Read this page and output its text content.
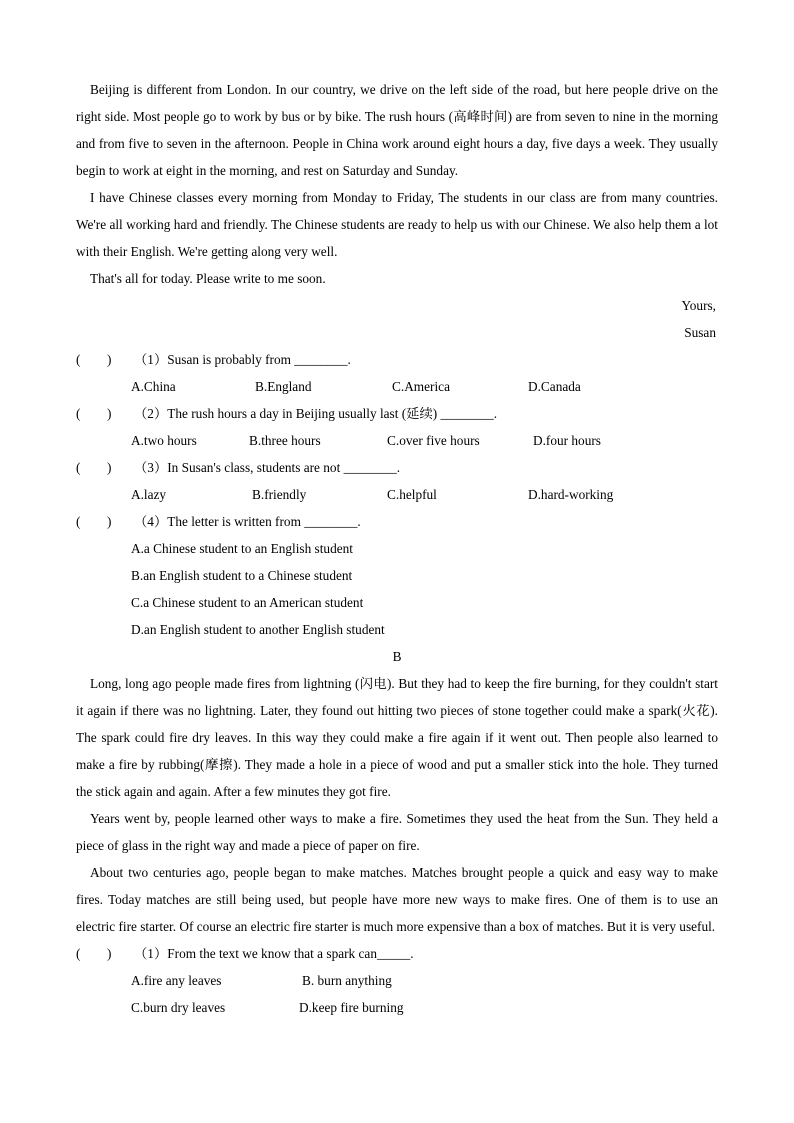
Beijing is different from London. In our country, we drive on the left side of the road, but here people drive on the right side. Most people go to work by bus or by bike. The rush hours (高峰时间) are from seven to nine in the morning and from five to seven in the afternoon. People in China work around eight hours a day, five days a week. They usually begin to work at eight in the morning, and rest on Saturday and Sunday.

I have Chinese classes every morning from Monday to Friday, The students in our class are from many countries. We're all working hard and friendly. The Chinese students are ready to help us with our Chinese. We also help them a lot with their English. We're getting along very well.

That's all for today. Please write to me soon.

Yours,

Susan

(　　) （1）Susan is probably from ________.
A.China	B.England	C.America	D.Canada
(　　) （2）The rush hours a day in Beijing usually last (延续) ________.
A.two hours	B.three hours	C.over five hours	D.four hours
(　　) （3）In Susan's class, students are not ________.
A.lazy	B.friendly	C.helpful	D.hard-working
(　　) （4）The letter is written from ________.
A.a Chinese student to an English student
B.an English student to a Chinese student
C.a Chinese student to an American student
D.an English student to another English student

B

Long, long ago people made fires from lightning (闪电). But they had to keep the fire burning, for they couldn't start it again if there was no lightning. Later, they found out hitting two pieces of stone together could make a spark(火花). The spark could fire dry leaves. In this way they could make a fire again if it went out. Then people also learned to make a fire by rubbing(摩擦). They made a hole in a piece of wood and put a smaller stick into the hole. They turned the stick again and again. After a few minutes they got fire.

Years went by, people learned other ways to make a fire. Sometimes they used the heat from the Sun. They held a piece of glass in the right way and made a piece of paper on fire.

About two centuries ago, people began to make matches. Matches brought people a quick and easy way to make fires. Today matches are still being used, but people have more new ways to make fires. One of them is to use an electric fire starter. Of course an electric fire starter is much more expensive than a box of matches. But it is very useful.

(　　) （1）From the text we know that a spark can_____.
A.fire any leaves	B. burn anything
C.burn dry leaves	D.keep fire burning
